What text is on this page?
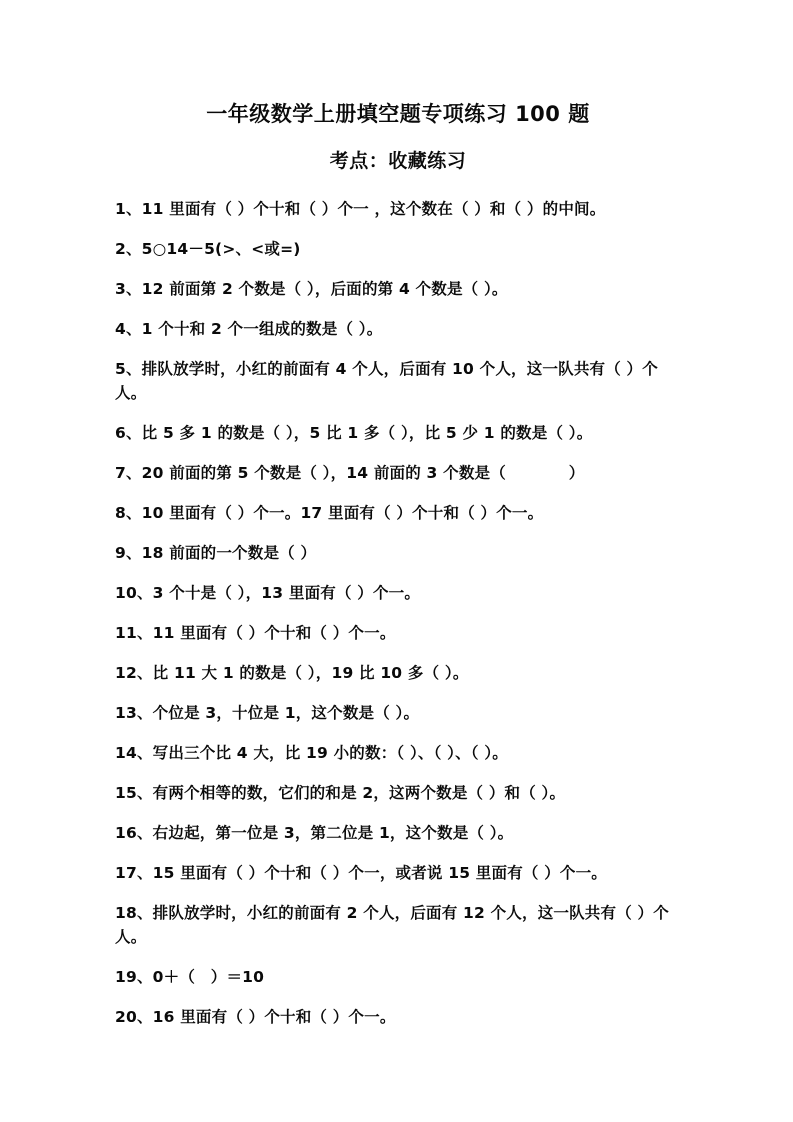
一年级数学上册填空题专项练习 100 题
考点：收藏练习

1、11 里面有（ ）个十和（ ）个一 ，这个数在（ ）和（ ）的中间。

2、5○14－5(>、<或=)

3、12 前面第 2 个数是（ ），后面的第 4 个数是（ ）。

4、1 个十和 2 个一组成的数是（ ）。

5、排队放学时，小红的前面有 4 个人，后面有 10 个人，这一队共有（ ）个人。

6、比 5 多 1 的数是（ ），5 比 1 多（ ），比 5 少 1 的数是（ ）。

7、20 前面的第 5 个数是（ ），14 前面的 3 个数是（　　　　）

8、10 里面有（ ）个一。17 里面有（ ）个十和（ ）个一。

9、18 前面的一个数是（ ）

10、3 个十是（ ），13 里面有（ ）个一。

11、11 里面有（ ）个十和（ ）个一。

12、比 11 大 1 的数是（ ），19 比 10 多（ ）。

13、个位是 3，十位是 1，这个数是（ ）。

14、写出三个比 4 大，比 19 小的数：（ ）、（ ）、（ ）。

15、有两个相等的数，它们的和是 2，这两个数是（ ）和（ ）。

16、右边起，第一位是 3，第二位是 1，这个数是（ ）。

17、15 里面有（ ）个十和（ ）个一，或者说 15 里面有（ ）个一。

18、排队放学时，小红的前面有 2 个人，后面有 12 个人，这一队共有（ ）个人。

19、0＋（　）＝10

20、16 里面有（ ）个十和（ ）个一。
